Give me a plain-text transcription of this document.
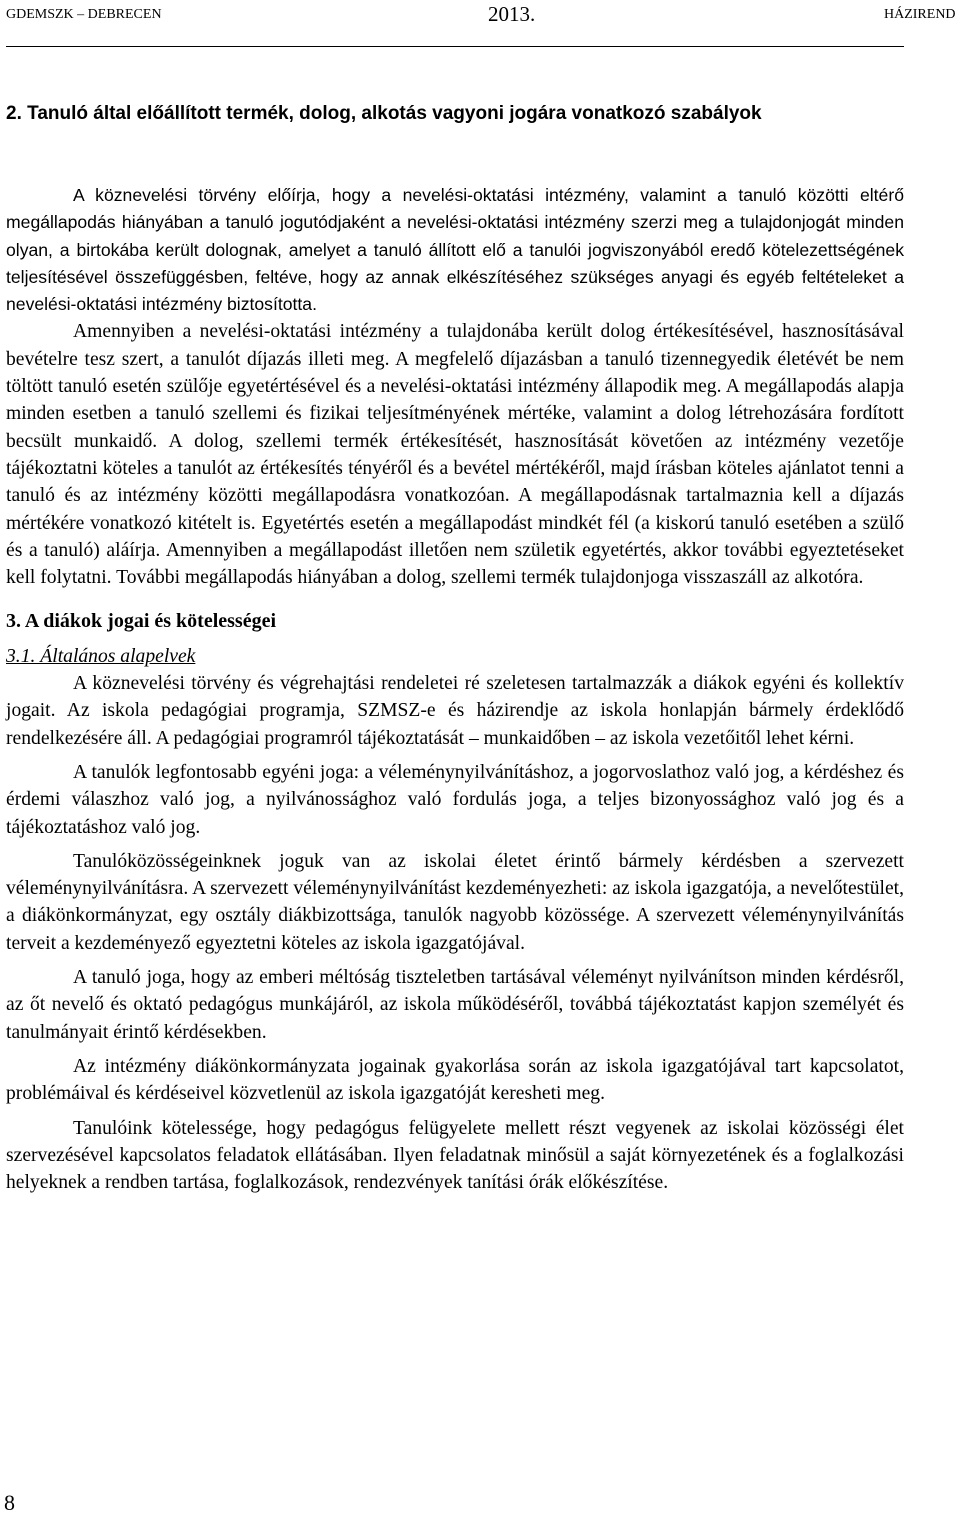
GDEMSZK – DEBRECEN	2013.	HÁZIREND

2. Tanuló által előállított termék, dolog, alkotás vagyoni jogára vonatkozó szabályok

A köznevelési törvény előírja, hogy a nevelési-oktatási intézmény, valamint a tanuló közötti eltérő megállapodás hiányában a tanuló jogutódjaként a nevelési-oktatási intézmény szerzi meg a tulajdonjogát minden olyan, a birtokába került dolognak, amelyet a tanuló állított elő a tanulói jogviszonyából eredő kötelezettségének teljesítésével összefüggésben, feltéve, hogy az annak elkészítéséhez szükséges anyagi és egyéb feltételeket a nevelési-oktatási intézmény biztosította.

Amennyiben a nevelési-oktatási intézmény a tulajdonába került dolog értékesítésével, hasznosításával bevételre tesz szert, a tanulót díjazás illeti meg. A megfelelő díjazásban a tanuló tizennegyedik életévét be nem töltött tanuló esetén szülője egyetértésével és a nevelési-oktatási intézmény állapodik meg. A megállapodás alapja minden esetben a tanuló szellemi és fizikai teljesítményének mértéke, valamint a dolog létrehozására fordított becsült munkaidő. A dolog, szellemi termék értékesítését, hasznosítását követően az intézmény vezetője tájékoztatni köteles a tanulót az értékesítés tényéről és a bevétel mértékéről, majd írásban köteles ajánlatot tenni a tanuló és az intézmény közötti megállapodásra vonatkozóan. A megállapodásnak tartalmaznia kell a díjazás mértékére vonatkozó kitételt is. Egyetértés esetén a megállapodást mindkét fél (a kiskorú tanuló esetében a szülő és a tanuló) aláírja. Amennyiben a megállapodást illetően nem születik egyetértés, akkor további egyeztetéseket kell folytatni. További megállapodás hiányában a dolog, szellemi termék tulajdonjoga visszaszáll az alkotóra.

3. A diákok jogai és kötelességei

3.1. Általános alapelvek

A köznevelési törvény és végrehajtási rendeletei ré szeletesen tartalmazzák a diákok egyéni és kollektív jogait. Az iskola pedagógiai programja, SZMSZ-e és házirendje az iskola honlapján bármely érdeklődő rendelkezésére áll. A pedagógiai programról tájékoztatását – munkaidőben – az iskola vezetőitől lehet kérni.

A tanulók legfontosabb egyéni joga: a véleménynyilvánításhoz, a jogorvoslathoz való jog, a kérdéshez és érdemi válaszhoz való jog, a nyilvánossághoz való fordulás joga, a teljes bizonyossághoz való jog és a tájékoztatáshoz való jog.

Tanulóközösségeinknek joguk van az iskolai életet érintő bármely kérdésben a szervezett véleménynyilvánításra. A szervezett véleménynyilvánítást kezdeményezheti: az iskola igazgatója, a nevelőtestület, a diákönkormányzat, egy osztály diákbizottsága, tanulók nagyobb közössége. A szervezett véleménynyilvánítás terveit a kezdeményező egyeztetni köteles az iskola igazgatójával.

A tanuló joga, hogy az emberi méltóság tiszteletben tartásával véleményt nyilvánítson minden kérdésről, az őt nevelő és oktató pedagógus munkájáról, az iskola működéséről, továbbá tájékoztatást kapjon személyét és tanulmányait érintő kérdésekben.

Az intézmény diákönkormányzata jogainak gyakorlása során az iskola igazgatójával tart kapcsolatot, problémáival és kérdéseivel közvetlenül az iskola igazgatóját keresheti meg.

Tanulóink kötelessége, hogy pedagógus felügyelete mellett részt vegyenek az iskolai közösségi élet szervezésével kapcsolatos feladatok ellátásában. Ilyen feladatnak minősül a saját környezetének és a foglalkozási helyeknek a rendben tartása, foglalkozások, rendezvények tanítási órák előkészítése.

8
